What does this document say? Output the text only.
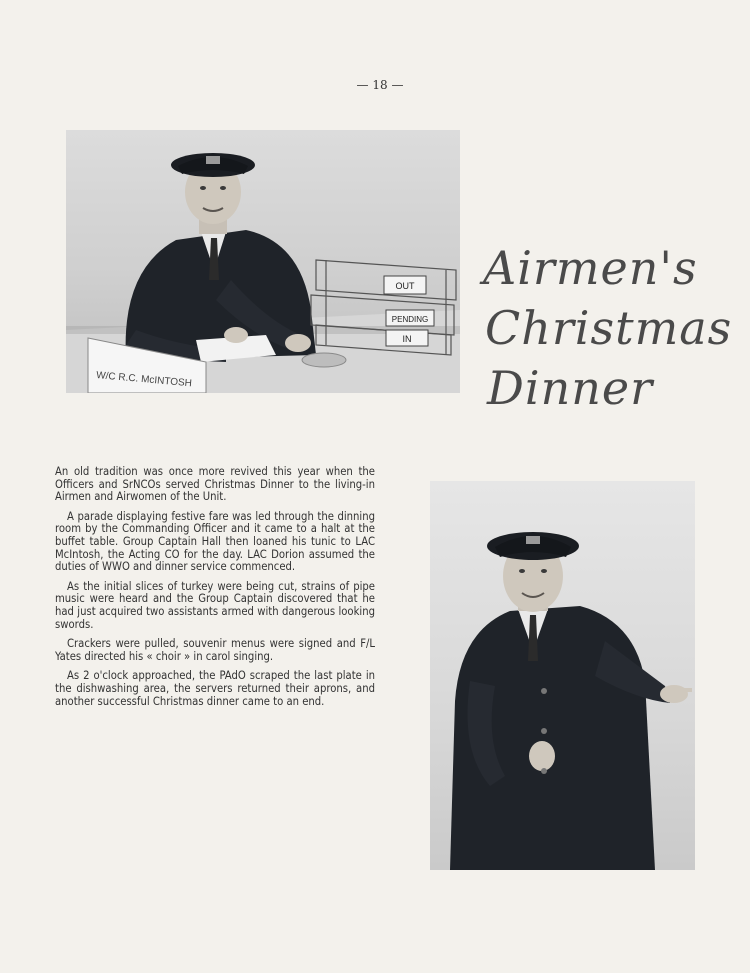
— 18 —
OUT
PENDING
IN
W/C R.C. McINTOSH
Airmen's
Christmas
Dinner

An old tradition was once more revived this year when the Officers and SrNCOs served Christmas Dinner to the living-in Airmen and Airwomen of the Unit.

A parade displaying festive fare was led through the dinning room by the Commanding Officer and it came to a halt at the buffet table. Group Captain Hall then loaned his tunic to LAC McIntosh, the Acting CO for the day. LAC Dorion assumed the duties of WWO and dinner service commenced.

As the initial slices of turkey were being cut, strains of pipe music were heard and the Group Captain discovered that he had just acquired two assistants armed with dangerous looking swords.

Crackers were pulled, souvenir menus were signed and F/L Yates directed his « choir » in carol singing.

As 2 o'clock approached, the PAdO scraped the last plate in the dishwashing area, the servers returned their aprons, and another successful Christmas dinner came to an end.
